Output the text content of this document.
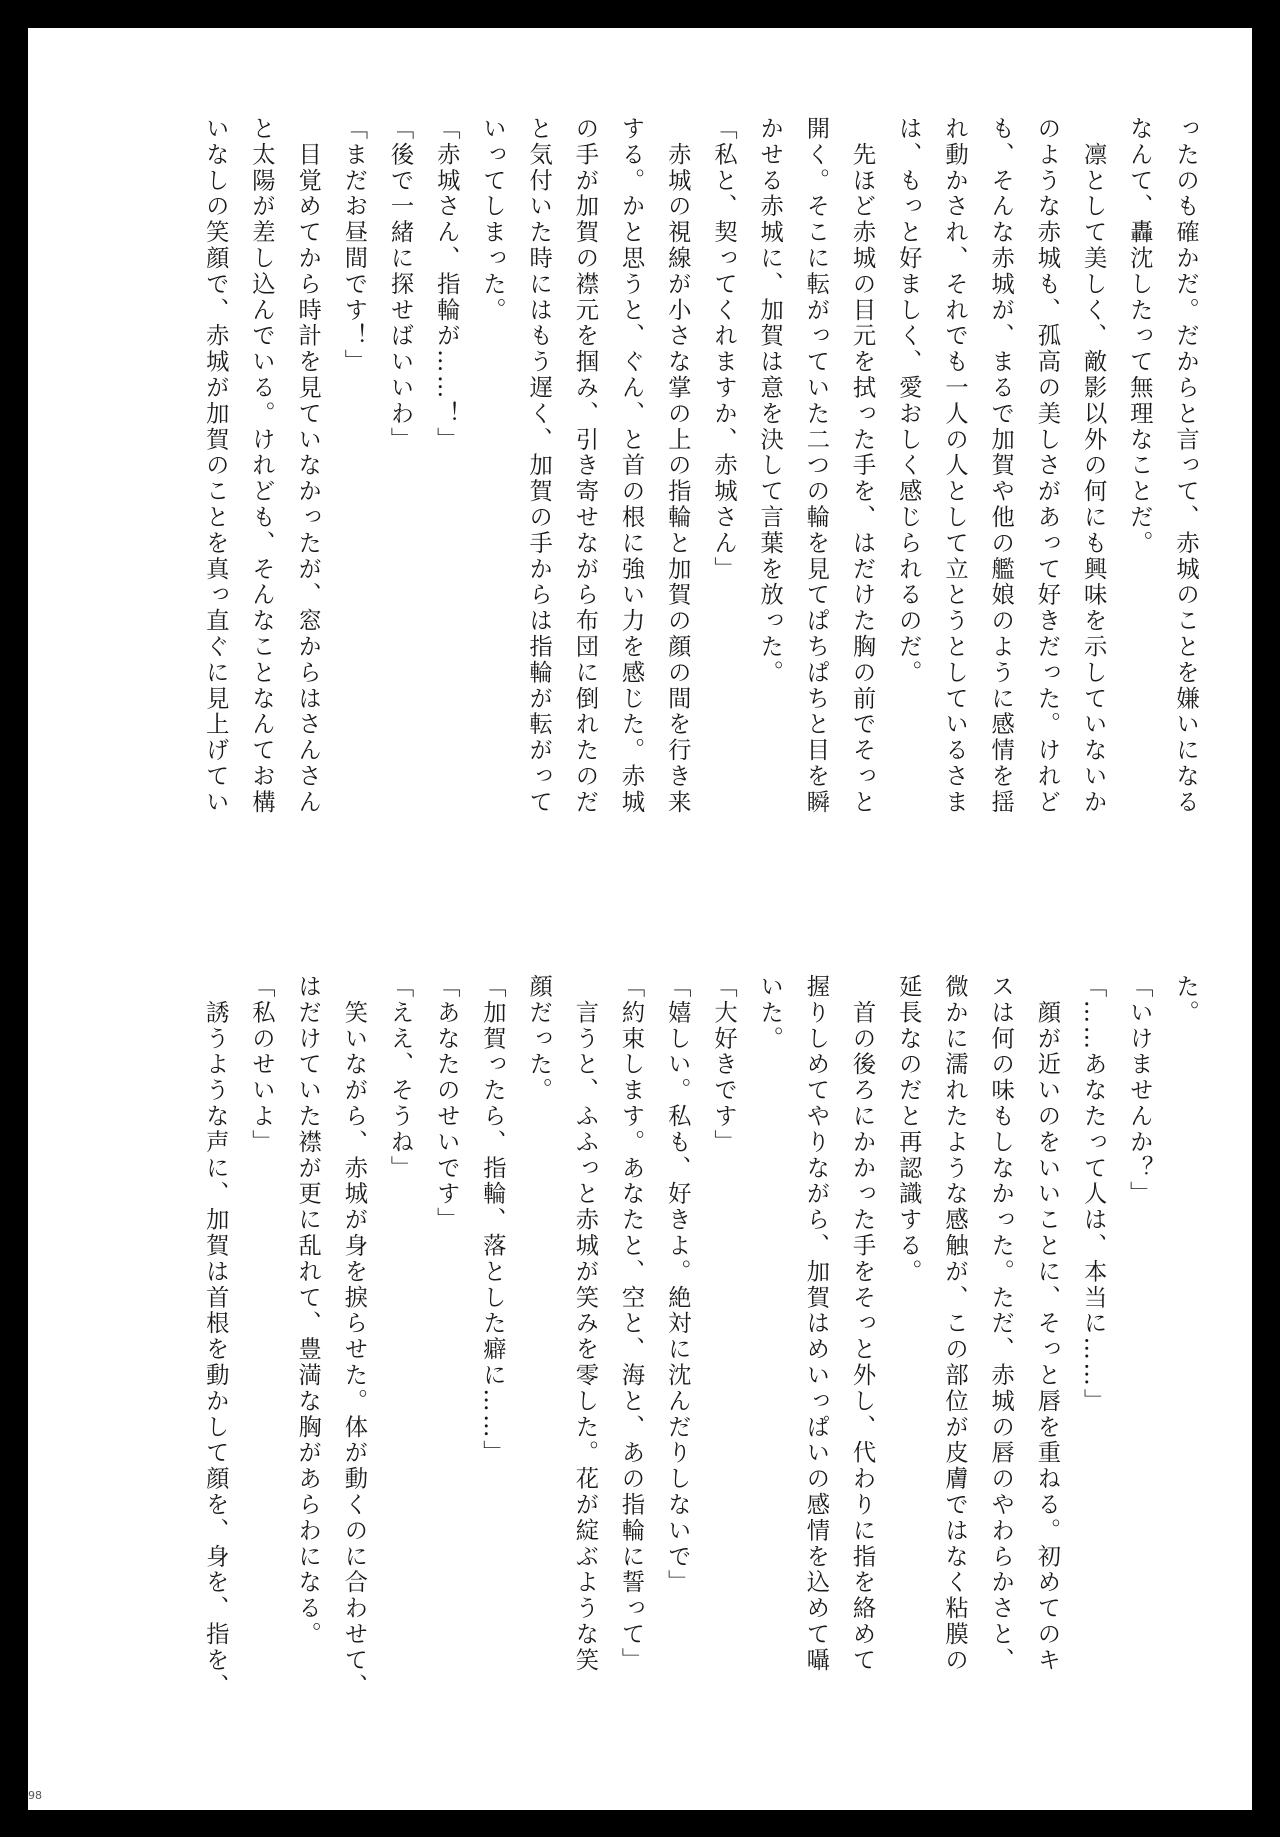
ったのも確かだ。だからと言って、赤城のことを嫌いになる

なんて、轟沈したって無理なことだ。

　凛として美しく、敵影以外の何にも興味を示していないか

のような赤城も、孤高の美しさがあって好きだった。けれど

も、そんな赤城が、まるで加賀や他の艦娘のように感情を揺

れ動かされ、それでも一人の人として立とうとしているさま

は、もっと好ましく、愛おしく感じられるのだ。

　先ほど赤城の目元を拭った手を、はだけた胸の前でそっと

開く。そこに転がっていた二つの輪を見てぱちぱちと目を瞬

かせる赤城に、加賀は意を決して言葉を放った。

「私と、契ってくれますか、赤城さん」

　赤城の視線が小さな掌の上の指輪と加賀の顔の間を行き来

する。かと思うと、ぐん、と首の根に強い力を感じた。赤城

の手が加賀の襟元を掴み、引き寄せながら布団に倒れたのだ

と気付いた時にはもう遅く、加賀の手からは指輪が転がって

いってしまった。

「赤城さん、指輪が……！」

「後で一緒に探せばいいわ」

「まだお昼間です！」

　目覚めてから時計を見ていなかったが、窓からはさんさん

と太陽が差し込んでいる。けれども、そんなことなんてお構

いなしの笑顔で、赤城が加賀のことを真っ直ぐに見上げてい

た。

「いけませんか？」

「……あなたって人は、本当に……」

　顔が近いのをいいことに、そっと唇を重ねる。初めてのキ

スは何の味もしなかった。ただ、赤城の唇のやわらかさと、

微かに濡れたような感触が、この部位が皮膚ではなく粘膜の

延長なのだと再認識する。

　首の後ろにかかった手をそっと外し、代わりに指を絡めて

握りしめてやりながら、加賀はめいっぱいの感情を込めて囁

いた。

「大好きです」

「嬉しい。私も、好きよ。絶対に沈んだりしないで」

「約束します。あなたと、空と、海と、あの指輪に誓って」

　言うと、ふふっと赤城が笑みを零した。花が綻ぶような笑

顔だった。

「加賀ったら、指輪、落とした癖に……」

「あなたのせいです」

「ええ、そうね」

　笑いながら、赤城が身を捩らせた。体が動くのに合わせて、

はだけていた襟が更に乱れて、豊満な胸があらわになる。

「私のせいよ」

　誘うような声に、加賀は首根を動かして顔を、身を、指を、

98
